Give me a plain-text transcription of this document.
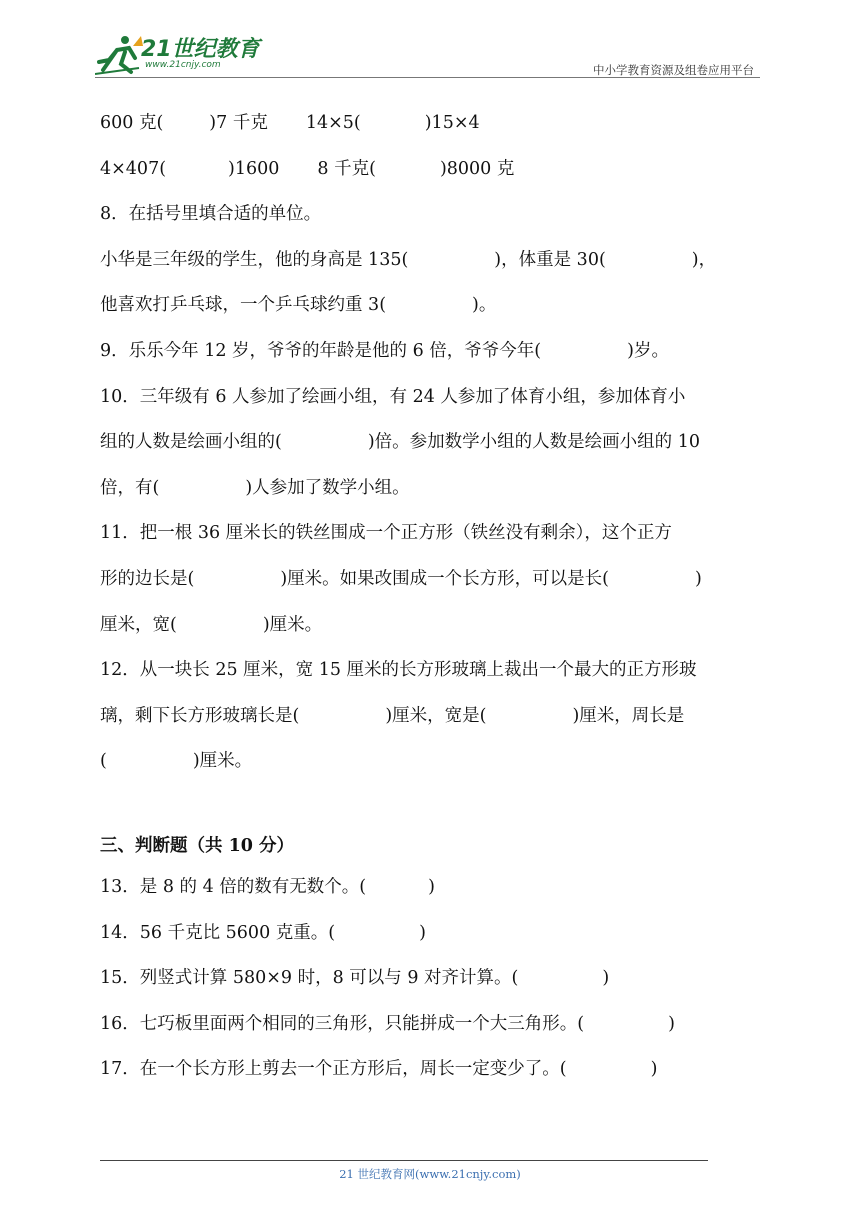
21世纪教育
www.21cnjy.com	中小学教育资源及组卷应用平台
600 克(	)7 千克 14×5(	)15×4
4×407(	)1600 8 千克(	)8000 克
8．在括号里填合适的单位。
小华是三年级的学生，他的身高是 135(	)，体重是 30(	)，
他喜欢打乒乓球，一个乒乓球约重 3(	)。
9．乐乐今年 12 岁，爷爷的年龄是他的 6 倍，爷爷今年(	)岁。
10．三年级有 6 人参加了绘画小组，有 24 人参加了体育小组，参加体育小
组的人数是绘画小组的(	)倍。参加数学小组的人数是绘画小组的 10
倍，有(	)人参加了数学小组。
11．把一根 36 厘米长的铁丝围成一个正方形（铁丝没有剩余），这个正方
形的边长是(	)厘米。如果改围成一个长方形，可以是长(	)
厘米，宽(	)厘米。
12．从一块长 25 厘米，宽 15 厘米的长方形玻璃上裁出一个最大的正方形玻
璃，剩下长方形玻璃长是(	)厘米，宽是(	)厘米，周长是
(	)厘米。
三、判断题（共 10 分）
13．是 8 的 4 倍的数有无数个。(	)
14．56 千克比 5600 克重。(	)
15．列竖式计算 580×9 时，8 可以与 9 对齐计算。(	)
16．七巧板里面两个相同的三角形，只能拼成一个大三角形。(	)
17．在一个长方形上剪去一个正方形后，周长一定变少了。(	)
21 世纪教育网(www.21cnjy.com)
